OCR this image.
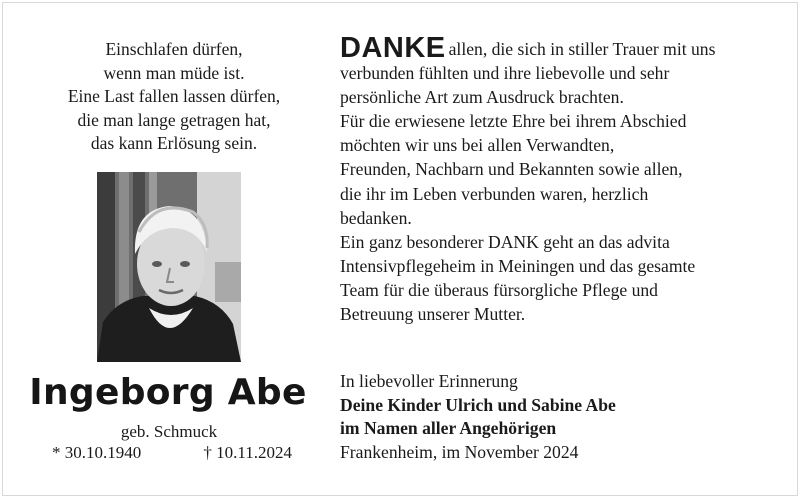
Einschlafen dürfen,
wenn man müde ist.
Eine Last fallen lassen dürfen,
die man lange getragen hat,
das kann Erlösung sein.
Ingeborg Abe
geb. Schmuck
* 30.10.1940	† 10.11.2024
DANKE allen, die sich in stiller Trauer mit uns
verbunden fühlten und ihre liebevolle und sehr
persönliche Art zum Ausdruck brachten.
Für die erwiesene letzte Ehre bei ihrem Abschied
möchten wir uns bei allen Verwandten,
Freunden, Nachbarn und Bekannten sowie allen,
die ihr im Leben verbunden waren, herzlich
bedanken.
Ein ganz besonderer DANK geht an das advita
Intensivpflegeheim in Meiningen und das gesamte
Team für die überaus fürsorgliche Pflege und
Betreuung unserer Mutter.
In liebevoller Erinnerung
Deine Kinder Ulrich und Sabine Abe
im Namen aller Angehörigen
Frankenheim, im November 2024
